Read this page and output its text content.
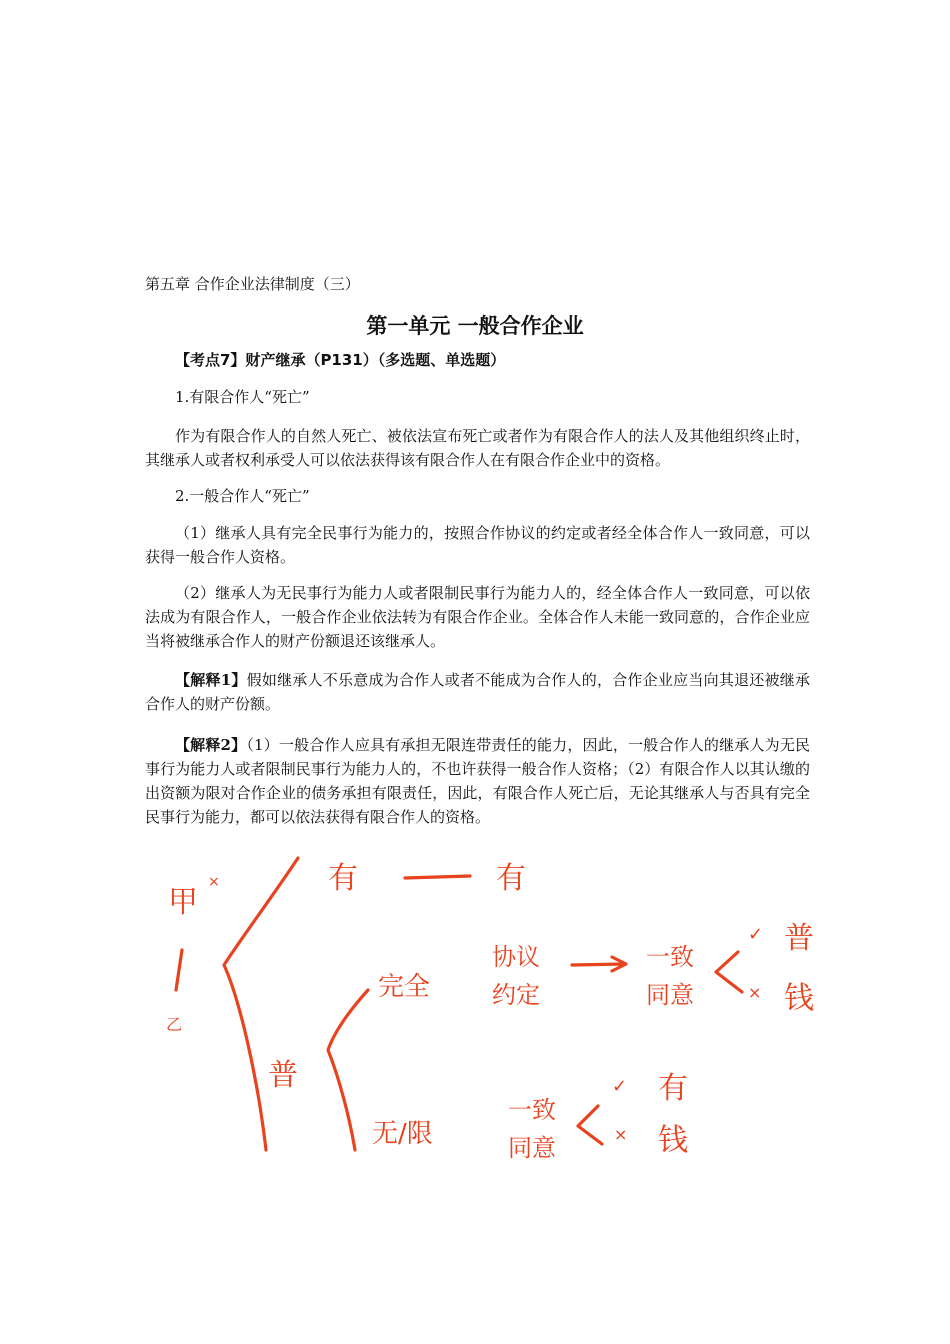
第五章 合作企业法律制度（三）
第一单元 一般合作企业
【考点7】财产继承（P131）（多选题、单选题）
1.有限合作人“死亡”
作为有限合作人的自然人死亡、被依法宣布死亡或者作为有限合作人的法人及其他组织终止时，其继承人或者权利承受人可以依法获得该有限合作人在有限合作企业中的资格。
2.一般合作人“死亡”
（1）继承人具有完全民事行为能力的，按照合作协议的约定或者经全体合作人一致同意，可以获得一般合作人资格。
（2）继承人为无民事行为能力人或者限制民事行为能力人的，经全体合作人一致同意，可以依法成为有限合作人，一般合作企业依法转为有限合作企业。全体合作人未能一致同意的，合作企业应当将被继承合作人的财产份额退还该继承人。
【解释1】假如继承人不乐意成为合作人或者不能成为合作人的，合作企业应当向其退还被继承合作人的财产份额。
【解释2】（1）一般合作人应具有承担无限连带责任的能力，因此，一般合作人的继承人为无民事行为能力人或者限制民事行为能力人的，不也许获得一般合作人资格；（2）有限合作人以其认缴的出资额为限对合作企业的债务承担有限责任，因此，有限合作人死亡后，无论其继承人与否具有完全民事行为能力，都可以依法获得有限合作人的资格。
甲
×
乙
有	有
普
完全
协议
约定
一致
同意
✓
×
普
钱
无/限
一致
同意
✓
×
有
钱
